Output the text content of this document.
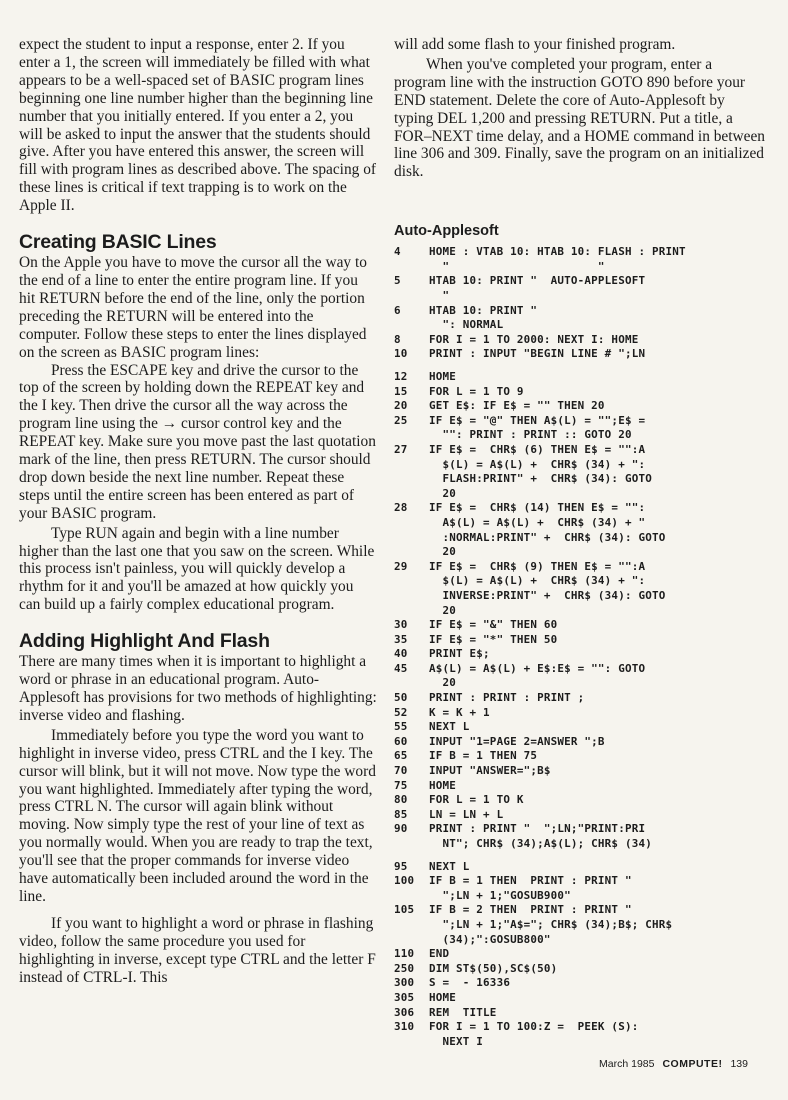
expect the student to input a response, enter 2. If you enter a 1, the screen will immediately be filled with what appears to be a well-spaced set of BASIC program lines beginning one line number higher than the beginning line number that you initially entered. If you enter a 2, you will be asked to input the answer that the students should give. After you have entered this answer, the screen will fill with program lines as described above. The spacing of these lines is critical if text trapping is to work on the Apple II.

Creating BASIC Lines

On the Apple you have to move the cursor all the way to the end of a line to enter the entire program line. If you hit RETURN before the end of the line, only the portion preceding the RETURN will be entered into the computer. Follow these steps to enter the lines displayed on the screen as BASIC program lines:

Press the ESCAPE key and drive the cursor to the top of the screen by holding down the REPEAT key and the I key. Then drive the cursor all the way across the program line using the → cursor control key and the REPEAT key. Make sure you move past the last quotation mark of the line, then press RETURN. The cursor should drop down beside the next line number. Repeat these steps until the entire screen has been entered as part of your BASIC program.

Type RUN again and begin with a line number higher than the last one that you saw on the screen. While this process isn't painless, you will quickly develop a rhythm for it and you'll be amazed at how quickly you can build up a fairly complex educational program.

Adding Highlight And Flash

There are many times when it is important to highlight a word or phrase in an educational program. Auto-Applesoft has provisions for two methods of highlighting: inverse video and flashing.

Immediately before you type the word you want to highlight in inverse video, press CTRL and the I key. The cursor will blink, but it will not move. Now type the word you want highlighted. Immediately after typing the word, press CTRL N. The cursor will again blink without moving. Now simply type the rest of your line of text as you normally would. When you are ready to trap the text, you'll see that the proper commands for inverse video have automatically been included around the word in the line.

If you want to highlight a word or phrase in flashing video, follow the same procedure you used for highlighting in inverse, except type CTRL and the letter F instead of CTRL-I. This

will add some flash to your finished program.

When you've completed your program, enter a program line with the instruction GOTO 890 before your END statement. Delete the core of Auto-Applesoft by typing DEL 1,200 and pressing RETURN. Put a title, a FOR–NEXT time delay, and a HOME command in between line 306 and 309. Finally, save the program on an initialized disk.

Auto-Applesoft
4	HOME : VTAB 10: HTAB 10: FLASH : PRINT
"                      "
5	HTAB 10: PRINT "  AUTO-APPLESOFT
"
6	HTAB 10: PRINT "
": NORMAL
8	FOR I = 1 TO 2000: NEXT I: HOME
10	PRINT : INPUT "BEGIN LINE # ";LN
12	HOME
15	FOR L = 1 TO 9
20	GET E$: IF E$ = "" THEN 20
25	IF E$ = "@" THEN A$(L) = "";E$ =
"": PRINT : PRINT :: GOTO 20
27	IF E$ =  CHR$ (6) THEN E$ = "":A
$(L) = A$(L) +  CHR$ (34) + ":
FLASH:PRINT" +  CHR$ (34): GOTO
20
28	IF E$ =  CHR$ (14) THEN E$ = "":
A$(L) = A$(L) +  CHR$ (34) + "
:NORMAL:PRINT" +  CHR$ (34): GOTO
20
29	IF E$ =  CHR$ (9) THEN E$ = "":A
$(L) = A$(L) +  CHR$ (34) + ":
INVERSE:PRINT" +  CHR$ (34): GOTO
20
30	IF E$ = "&" THEN 60
35	IF E$ = "*" THEN 50
40	PRINT E$;
45	A$(L) = A$(L) + E$:E$ = "": GOTO
20
50	PRINT : PRINT : PRINT ;
52	K = K + 1
55	NEXT L
60	INPUT "1=PAGE 2=ANSWER ";B
65	IF B = 1 THEN 75
70	INPUT "ANSWER=";B$
75	HOME
80	FOR L = 1 TO K
85	LN = LN + L
90	PRINT : PRINT "  ";LN;"PRINT:PRI
NT"; CHR$ (34);A$(L); CHR$ (34)
95	NEXT L
100	IF B = 1 THEN  PRINT : PRINT "
";LN + 1;"GOSUB900"
105	IF B = 2 THEN  PRINT : PRINT "
";LN + 1;"A$="; CHR$ (34);B$; CHR$
(34);":GOSUB800"
110	END
250	DIM ST$(50),SC$(50)
300	S =  - 16336
305	HOME
306	REM  TITLE
310	FOR I = 1 TO 100:Z =  PEEK (S):
NEXT I
March 1985 COMPUTE! 139
